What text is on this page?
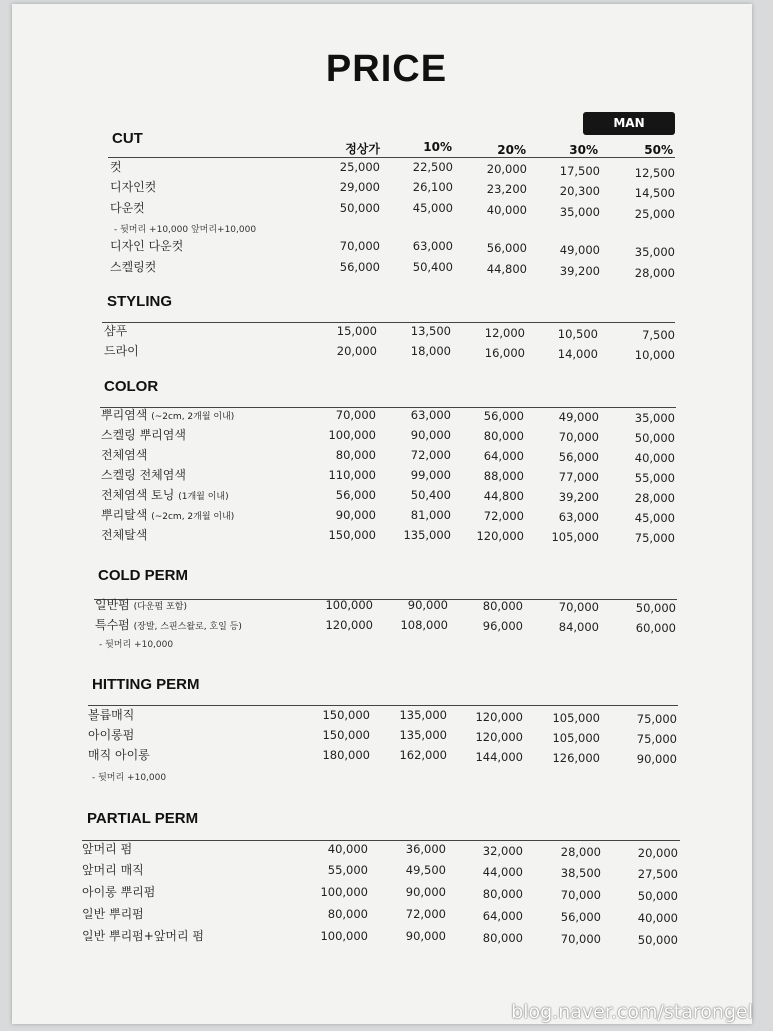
PRICE
MAN
정상가	10%	20%	30%	50%
CUT
컷	25,000	22,500	20,000	17,500	12,500
디자인컷	29,000	26,100	23,200	20,300	14,500
다운컷	50,000	45,000	40,000	35,000	25,000
- 뒷머리 +10,000 앞머리+10,000
디자인 다운컷	70,000	63,000	56,000	49,000	35,000
스켈링컷	56,000	50,400	44,800	39,200	28,000
STYLING
샴푸	15,000	13,500	12,000	10,500	7,500
드라이	20,000	18,000	16,000	14,000	10,000
COLOR
뿌리염색 (~2cm, 2개월 이내)	70,000	63,000	56,000	49,000	35,000
스켈링 뿌리염색	100,000	90,000	80,000	70,000	50,000
전체염색	80,000	72,000	64,000	56,000	40,000
스켈링 전체염색	110,000	99,000	88,000	77,000	55,000
전체염색 토닝 (1개월 이내)	56,000	50,400	44,800	39,200	28,000
뿌리탈색 (~2cm, 2개월 이내)	90,000	81,000	72,000	63,000	45,000
전체탈색	150,000	135,000	120,000	105,000	75,000
COLD PERM
일반펌 (다운펌 포함)	100,000	90,000	80,000	70,000	50,000
특수펌 (장발, 스핀스왈로, 호일 등)	120,000	108,000	96,000	84,000	60,000
- 뒷머리 +10,000
HITTING PERM
볼륨매직	150,000	135,000	120,000	105,000	75,000
아이롱펌	150,000	135,000	120,000	105,000	75,000
매직 아이롱	180,000	162,000	144,000	126,000	90,000
- 뒷머리 +10,000
PARTIAL PERM
앞머리 펌	40,000	36,000	32,000	28,000	20,000
앞머리 매직	55,000	49,500	44,000	38,500	27,500
아이롱 뿌리펌	100,000	90,000	80,000	70,000	50,000
일반 뿌리펌	80,000	72,000	64,000	56,000	40,000
일반 뿌리펌+앞머리 펌	100,000	90,000	80,000	70,000	50,000
blog.naver.com/starongel
